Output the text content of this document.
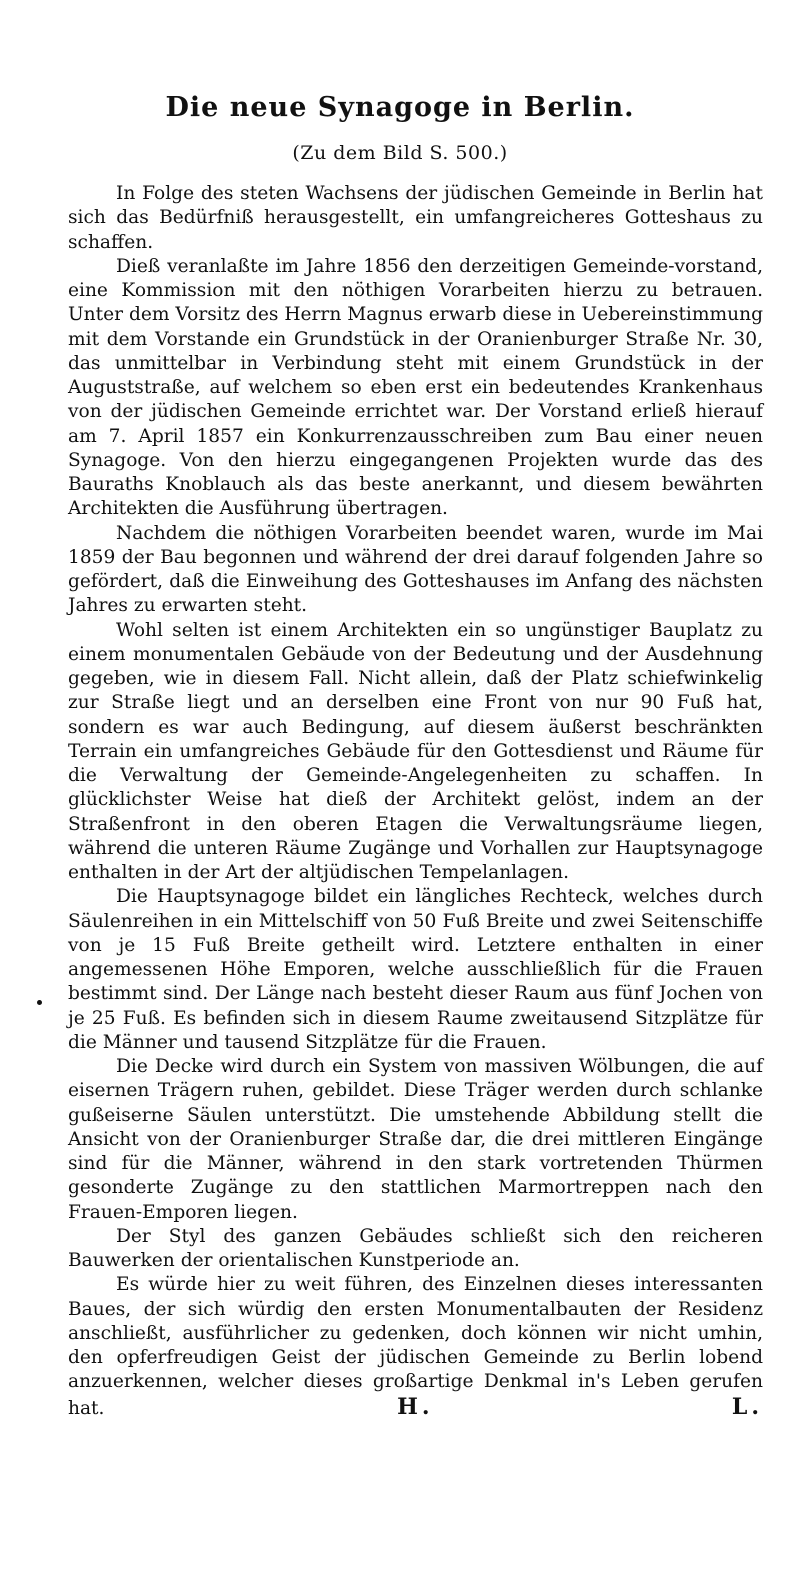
Die neue Synagoge in Berlin.
(Zu dem Bild S. 500.)

In Folge des steten Wachsens der jüdischen Gemeinde in Berlin hat sich das Bedürfniß herausgestellt, ein umfangreicheres Gotteshaus zu schaffen.

Dieß veranlaßte im Jahre 1856 den derzeitigen Gemeinde-vorstand, eine Kommission mit den nöthigen Vorarbeiten hierzu zu betrauen. Unter dem Vorsitz des Herrn Magnus erwarb diese in Uebereinstimmung mit dem Vorstande ein Grundstück in der Oranienburger Straße Nr. 30, das unmittelbar in Verbindung steht mit einem Grundstück in der Auguststraße, auf welchem so eben erst ein bedeutendes Krankenhaus von der jüdischen Gemeinde errichtet war. Der Vorstand erließ hierauf am 7. April 1857 ein Konkurrenzausschreiben zum Bau einer neuen Synagoge. Von den hierzu eingegangenen Projekten wurde das des Bauraths Knoblauch als das beste anerkannt, und diesem bewährten Architekten die Ausführung übertragen.

Nachdem die nöthigen Vorarbeiten beendet waren, wurde im Mai 1859 der Bau begonnen und während der drei darauf folgenden Jahre so gefördert, daß die Einweihung des Gotteshauses im Anfang des nächsten Jahres zu erwarten steht.

Wohl selten ist einem Architekten ein so ungünstiger Bauplatz zu einem monumentalen Gebäude von der Bedeutung und der Ausdehnung gegeben, wie in diesem Fall. Nicht allein, daß der Platz schiefwinkelig zur Straße liegt und an derselben eine Front von nur 90 Fuß hat, sondern es war auch Bedingung, auf diesem äußerst beschränkten Terrain ein umfangreiches Gebäude für den Gottesdienst und Räume für die Verwaltung der Gemeinde-Angelegenheiten zu schaffen. In glücklichster Weise hat dieß der Architekt gelöst, indem an der Straßenfront in den oberen Etagen die Verwaltungsräume liegen, während die unteren Räume Zugänge und Vorhallen zur Hauptsynagoge enthalten in der Art der altjüdischen Tempelanlagen.

Die Hauptsynagoge bildet ein längliches Rechteck, welches durch Säulenreihen in ein Mittelschiff von 50 Fuß Breite und zwei Seitenschiffe von je 15 Fuß Breite getheilt wird. Letztere enthalten in einer angemessenen Höhe Emporen, welche ausschließlich für die Frauen bestimmt sind. Der Länge nach besteht dieser Raum aus fünf Jochen von je 25 Fuß. Es befinden sich in diesem Raume zweitausend Sitzplätze für die Männer und tausend Sitzplätze für die Frauen.

Die Decke wird durch ein System von massiven Wölbungen, die auf eisernen Trägern ruhen, gebildet. Diese Träger werden durch schlanke gußeiserne Säulen unterstützt. Die umstehende Abbildung stellt die Ansicht von der Oranienburger Straße dar, die drei mittleren Eingänge sind für die Männer, während in den stark vortretenden Thürmen gesonderte Zugänge zu den stattlichen Marmortreppen nach den Frauen-Emporen liegen.

Der Styl des ganzen Gebäudes schließt sich den reicheren Bauwerken der orientalischen Kunstperiode an.

Es würde hier zu weit führen, des Einzelnen dieses interessanten Baues, der sich würdig den ersten Monumentalbauten der Residenz anschließt, ausführlicher zu gedenken, doch können wir nicht umhin, den opferfreudigen Geist der jüdischen Gemeinde zu Berlin lobend anzuerkennen, welcher dieses großartige Denkmal in's Leben gerufen hat.	H. L.
